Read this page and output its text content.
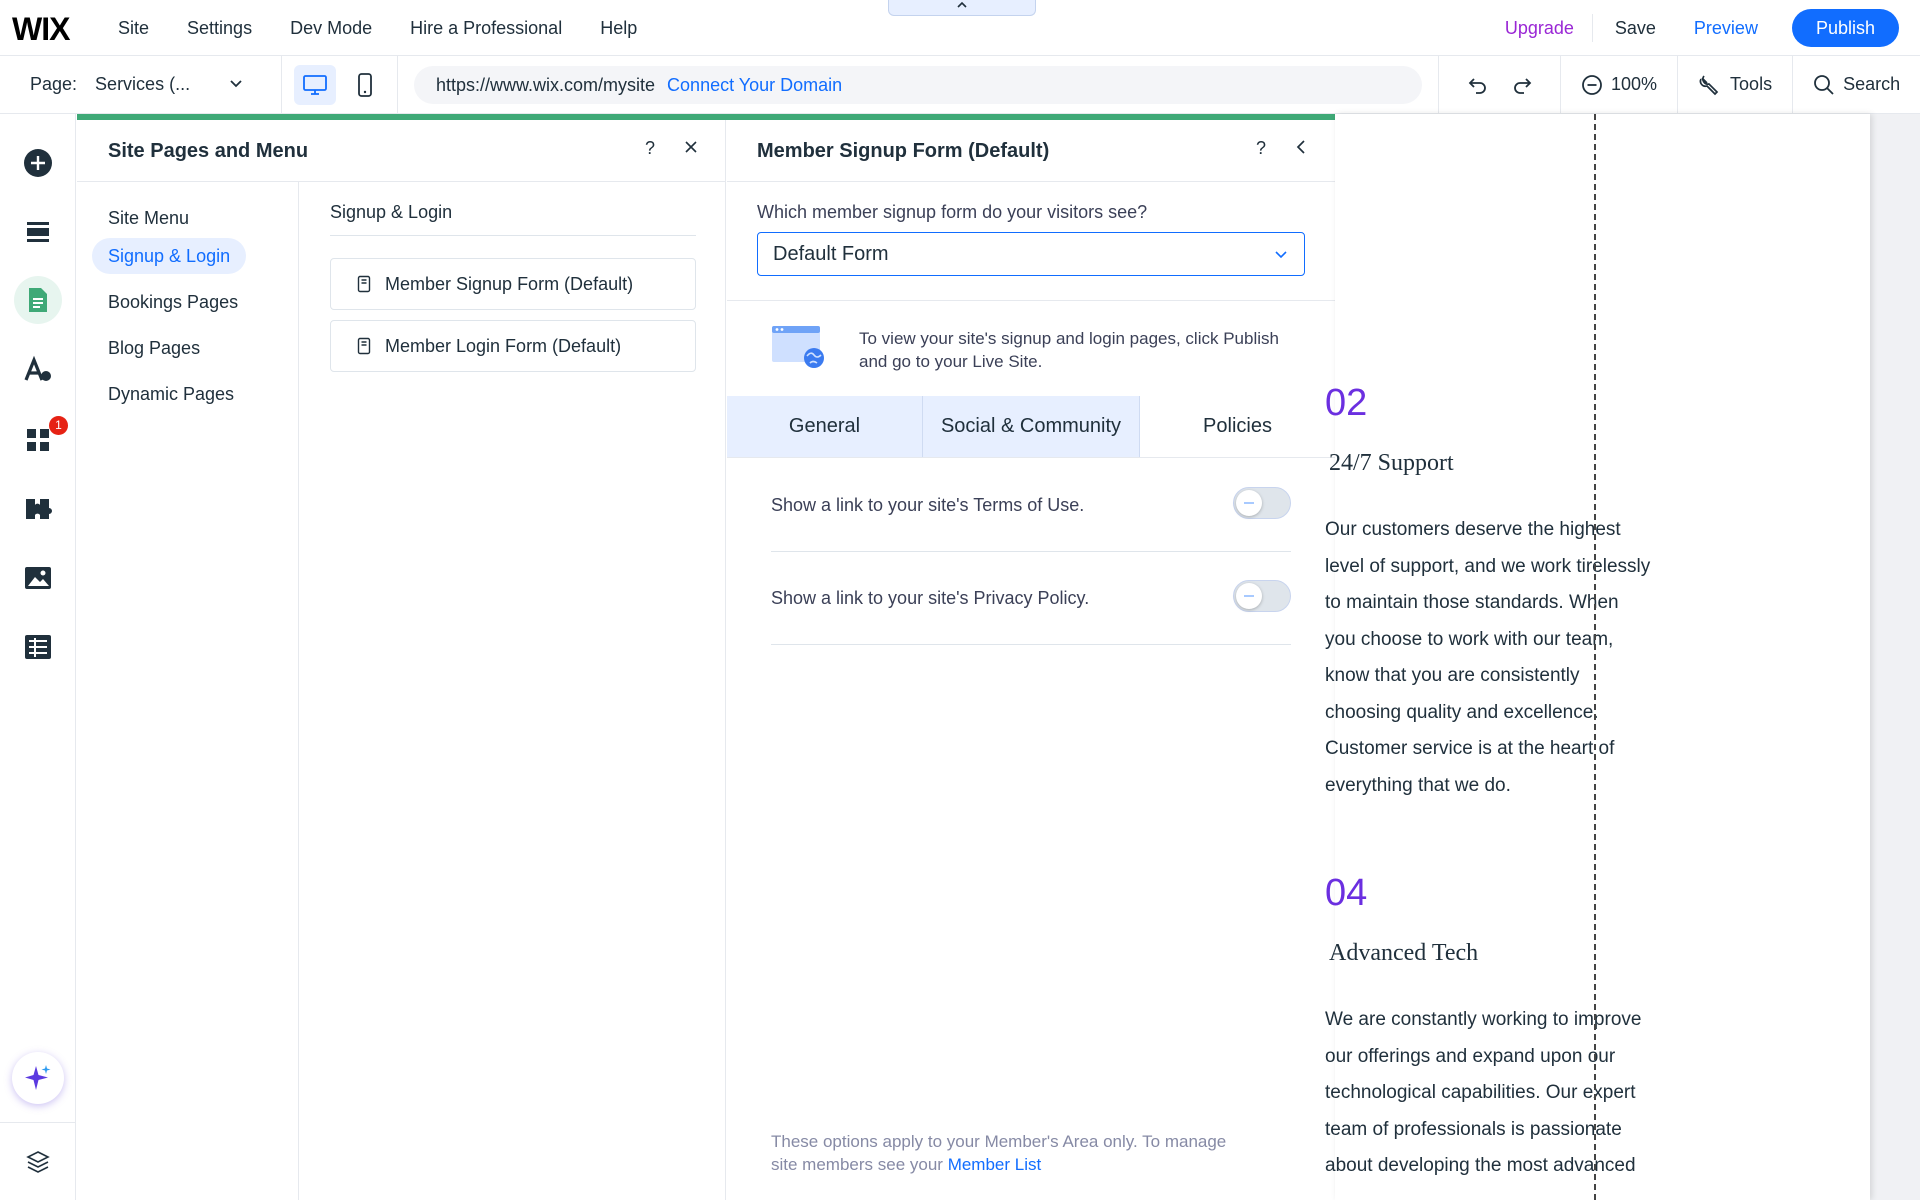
WIX	Site Settings Dev Mode Hire a Professional Help	Upgrade	Save Preview	Publish
Page: Services (...	https://www.wix.com/mysite Connect Your Domain	100%	Tools	Search
1
Site Pages and Menu	?
Site Menu
Signup & Login
Bookings Pages
Blog Pages
Dynamic Pages
Signup & Login
Member Signup Form (Default)
Member Login Form (Default)
Member Signup Form (Default)	?
Which member signup form do your visitors see?
Default Form
To view your site's signup and login pages, click Publish and go to your Live Site.
General	Social & Community	Policies
Show a link to your site's Terms of Use.
Show a link to your site's Privacy Policy.
These options apply to your Member's Area only. To manage site members see your Member List
02
24/7 Support
Our customers deserve the highest
level of support, and we work tirelessly
to maintain those standards. When
you choose to work with our team,
know that you are consistently
choosing quality and excellence.
Customer service is at the heart of
everything that we do.
04
Advanced Tech
We are constantly working to improve
our offerings and expand upon our
technological capabilities. Our expert
team of professionals is passionate
about developing the most advanced
